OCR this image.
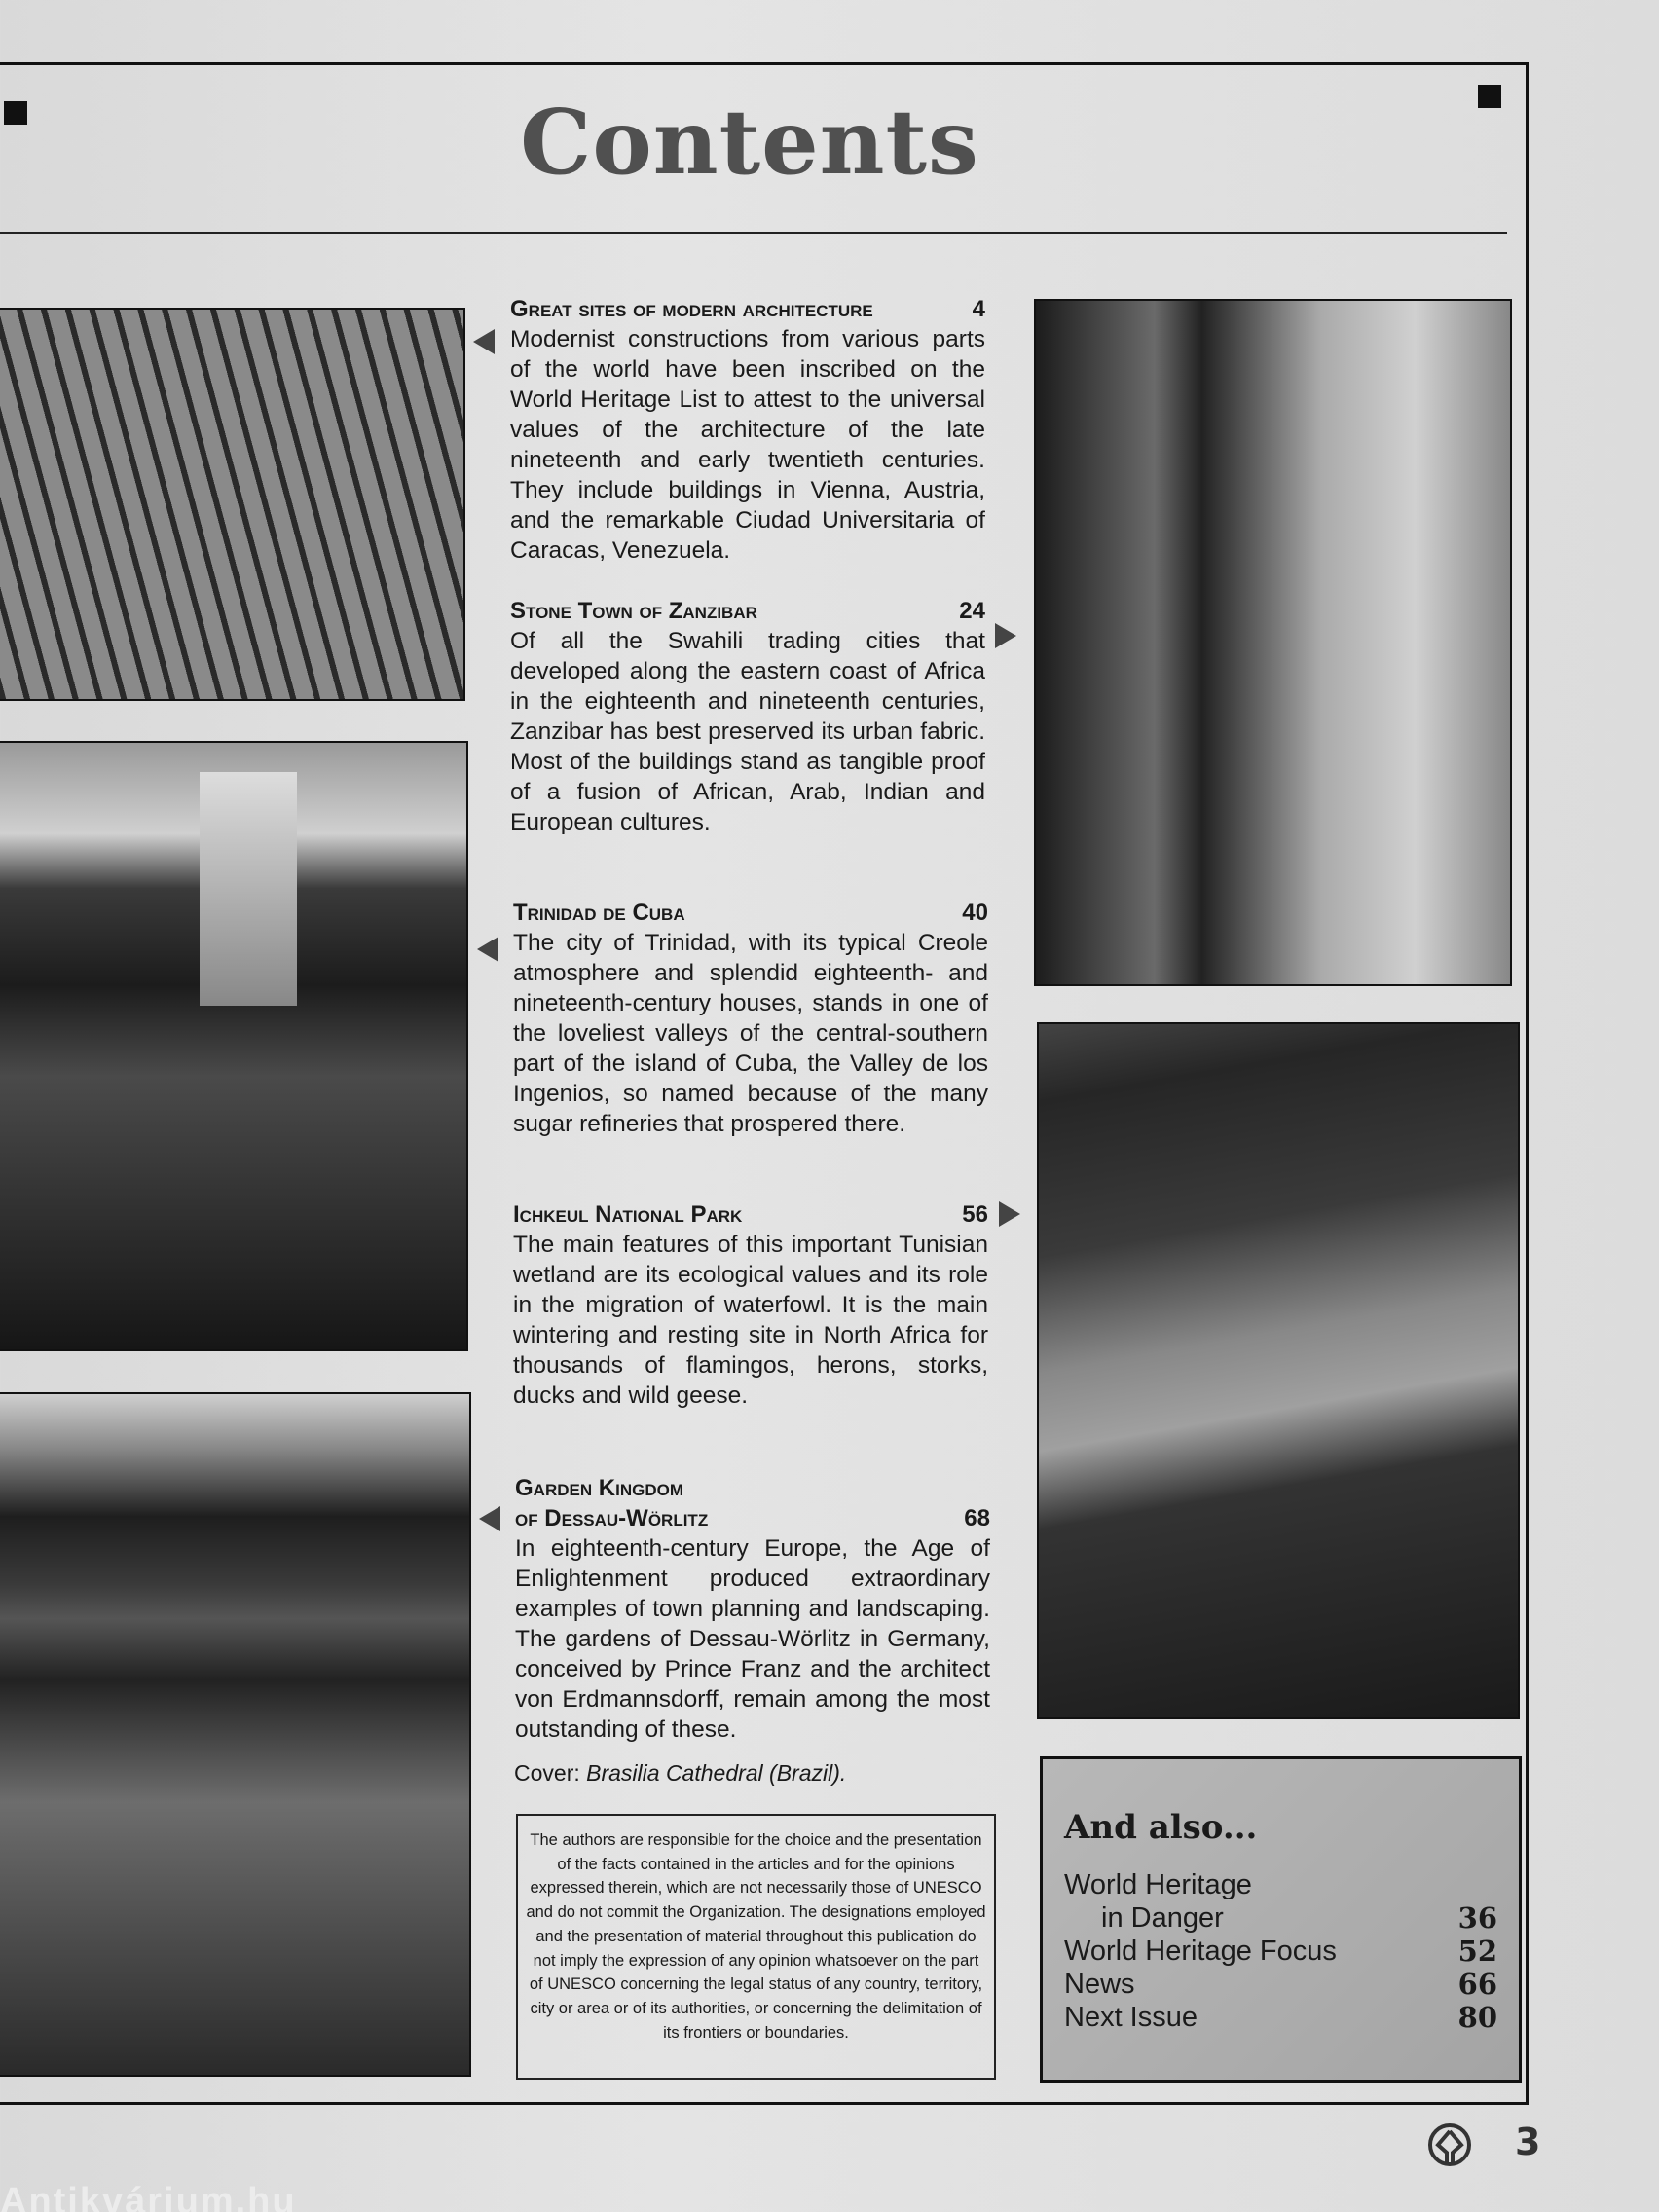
Contents
Great sites of modern architecture	4
Modernist constructions from various parts of the world have been inscribed on the World Heritage List to attest to the universal values of the architecture of the late nineteenth and early twentieth centuries. They include buildings in Vienna, Austria, and the remarkable Ciudad Universitaria of Caracas, Venezuela.
Stone Town of Zanzibar	24
Of all the Swahili trading cities that developed along the eastern coast of Africa in the eighteenth and nineteenth centuries, Zanzibar has best preserved its urban fabric. Most of the buildings stand as tangible proof of a fusion of African, Arab, Indian and European cultures.
Trinidad de Cuba	40
The city of Trinidad, with its typical Creole atmosphere and splendid eighteenth- and nineteenth-century houses, stands in one of the loveliest valleys of the central-southern part of the island of Cuba, the Valley de los Ingenios, so named because of the many sugar refineries that prospered there.
Ichkeul National Park	56
The main features of this important Tunisian wetland are its ecological values and its role in the migration of waterfowl. It is the main wintering and resting site in North Africa for thousands of flamingos, herons, storks, ducks and wild geese.
Garden Kingdom
of Dessau-Wörlitz	68
In eighteenth-century Europe, the Age of Enlightenment produced extraordinary examples of town planning and landscaping. The gardens of Dessau-Wörlitz in Germany, conceived by Prince Franz and the architect von Erdmannsdorff, remain among the most outstanding of these.
Cover: Brasilia Cathedral (Brazil).
The authors are responsible for the choice and the presentation of the facts contained in the articles and for the opinions expressed therein, which are not necessarily those of UNESCO and do not commit the Organization. The designations employed and the presentation of material throughout this publication do not imply the expression of any opinion whatsoever on the part of UNESCO concerning the legal status of any country, territory, city or area or of its authorities, or concerning the delimitation of its frontiers or boundaries.
And also...
World Heritage
in Danger	36
World Heritage Focus	52
News	66
Next Issue	80
3
Antikvárium.hu
